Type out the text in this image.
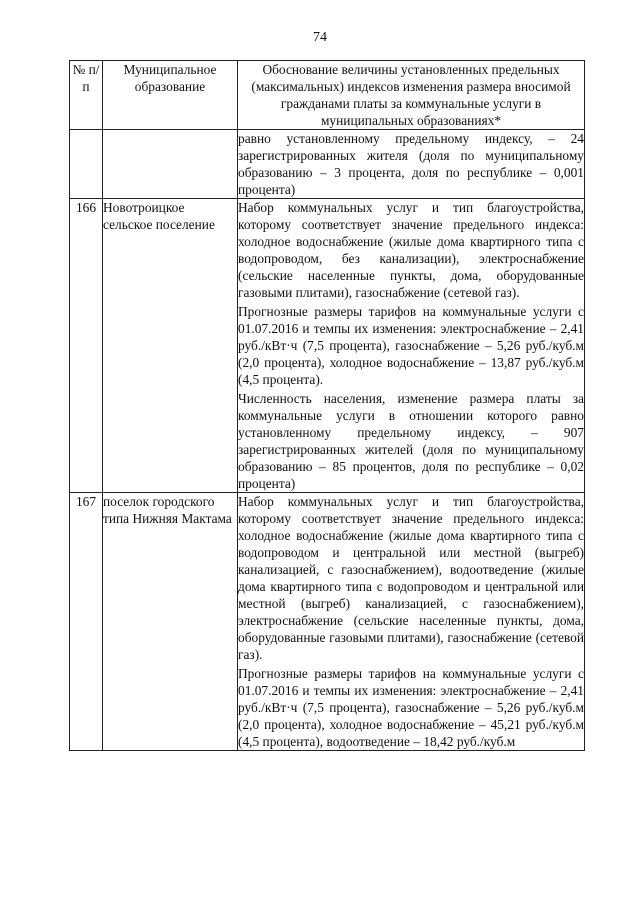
74
№ п/п	Муниципальное образование	Обоснование величины установленных предельных (максимальных) индексов изменения размера вносимой гражданами платы за коммунальные услуги в муниципальных образованиях*

		равно установленному предельному индексу, – 24 зарегистрированных жителя (доля по муниципальному образованию – 3 процента, доля по республике – 0,001 процента)

166	Новотроицкое сельское поселение	Набор коммунальных услуг и тип благоустройства, которому соответствует значение предельного индекса: холодное водоснабжение (жилые дома квартирного типа с водопроводом, без канализации), электроснабжение (сельские населенные пункты, дома, оборудованные газовыми плитами), газоснабжение (сетевой газ).
Прогнозные размеры тарифов на коммунальные услуги с 01.07.2016 и темпы их изменения: электроснабжение – 2,41 руб./кВт·ч (7,5 процента), газоснабжение – 5,26 руб./куб.м (2,0 процента), холодное водоснабжение – 13,87 руб./куб.м (4,5 процента).
Численность населения, изменение размера платы за коммунальные услуги в отношении которого равно установленному предельному индексу, – 907 зарегистрированных жителей (доля по муниципальному образованию – 85 процентов, доля по республике – 0,02 процента)

167	поселок городского типа Нижняя Мактама	Набор коммунальных услуг и тип благоустройства, которому соответствует значение предельного индекса: холодное водоснабжение (жилые дома квартирного типа с водопроводом и центральной или местной (выгреб) канализацией, с газоснабжением), водоотведение (жилые дома квартирного типа с водопроводом и центральной или местной (выгреб) канализацией, с газоснабжением), электроснабжение (сельские населенные пункты, дома, оборудованные газовыми плитами), газоснабжение (сетевой газ).
Прогнозные размеры тарифов на коммунальные услуги с 01.07.2016 и темпы их изменения: электроснабжение – 2,41 руб./кВт·ч (7,5 процента), газоснабжение – 5,26 руб./куб.м (2,0 процента), холодное водоснабжение – 45,21 руб./куб.м (4,5 процента), водоотведение – 18,42 руб./куб.м
